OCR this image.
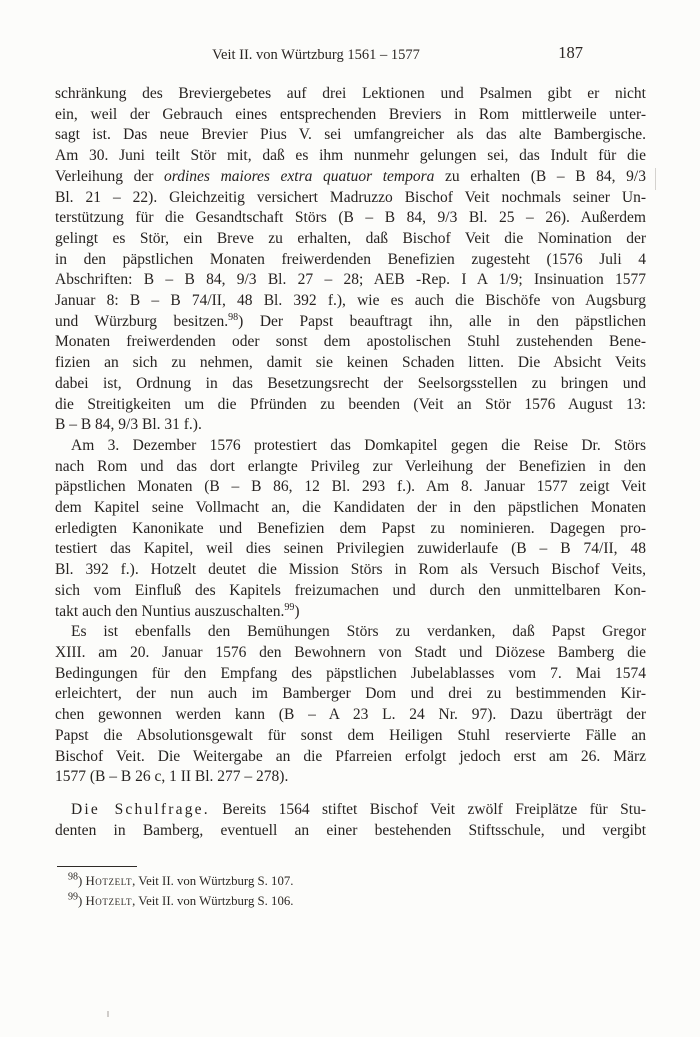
Veit II. von Würtzburg 1561 – 1577	187
schränkung des Breviergebetes auf drei Lektionen und Psalmen gibt er nicht
ein, weil der Gebrauch eines entsprechenden Breviers in Rom mittlerweile unter-
sagt ist. Das neue Brevier Pius V. sei umfangreicher als das alte Bambergische.
Am 30. Juni teilt Stör mit, daß es ihm nunmehr gelungen sei, das Indult für die
Verleihung der ordines maiores extra quatuor tempora zu erhalten (B – B 84, 9/3
Bl. 21 – 22). Gleichzeitig versichert Madruzzo Bischof Veit nochmals seiner Un-
terstützung für die Gesandtschaft Störs (B – B 84, 9/3 Bl. 25 – 26). Außerdem
gelingt es Stör, ein Breve zu erhalten, daß Bischof Veit die Nomination der
in den päpstlichen Monaten freiwerdenden Benefizien zugesteht (1576 Juli 4
Abschriften: B – B 84, 9/3 Bl. 27 – 28; AEB -Rep. I A 1/9; Insinuation 1577
Januar 8: B – B 74/II, 48 Bl. 392 f.), wie es auch die Bischöfe von Augsburg
und Würzburg besitzen.$^{98}$) Der Papst beauftragt ihn, alle in den päpstlichen
Monaten freiwerdenden oder sonst dem apostolischen Stuhl zustehenden Bene-
fizien an sich zu nehmen, damit sie keinen Schaden litten. Die Absicht Veits
dabei ist, Ordnung in das Besetzungsrecht der Seelsorgsstellen zu bringen und
die Streitigkeiten um die Pfründen zu beenden (Veit an Stör 1576 August 13:
B – B 84, 9/3 Bl. 31 f.).
Am 3. Dezember 1576 protestiert das Domkapitel gegen die Reise Dr. Störs
nach Rom und das dort erlangte Privileg zur Verleihung der Benefizien in den
päpstlichen Monaten (B – B 86, 12 Bl. 293 f.). Am 8. Januar 1577 zeigt Veit
dem Kapitel seine Vollmacht an, die Kandidaten der in den päpstlichen Monaten
erledigten Kanonikate und Benefizien dem Papst zu nominieren. Dagegen pro-
testiert das Kapitel, weil dies seinen Privilegien zuwiderlaufe (B – B 74/II, 48
Bl. 392 f.). Hotzelt deutet die Mission Störs in Rom als Versuch Bischof Veits,
sich vom Einfluß des Kapitels freizumachen und durch den unmittelbaren Kon-
takt auch den Nuntius auszuschalten.$^{99}$)
Es ist ebenfalls den Bemühungen Störs zu verdanken, daß Papst Gregor
XIII. am 20. Januar 1576 den Bewohnern von Stadt und Diözese Bamberg die
Bedingungen für den Empfang des päpstlichen Jubelablasses vom 7. Mai 1574
erleichtert, der nun auch im Bamberger Dom und drei zu bestimmenden Kir-
chen gewonnen werden kann (B – A 23 L. 24 Nr. 97). Dazu überträgt der
Papst die Absolutionsgewalt für sonst dem Heiligen Stuhl reservierte Fälle an
Bischof Veit. Die Weitergabe an die Pfarreien erfolgt jedoch erst am 26. März
1577 (B – B 26 c, 1 II Bl. 277 – 278).
Die Schulfrage. Bereits 1564 stiftet Bischof Veit zwölf Freiplätze für Stu-
denten in Bamberg, eventuell an einer bestehenden Stiftsschule, und vergibt
$^{98}$) Hotzelt, Veit II. von Würtzburg S. 107.
$^{99}$) Hotzelt, Veit II. von Würtzburg S. 106.
